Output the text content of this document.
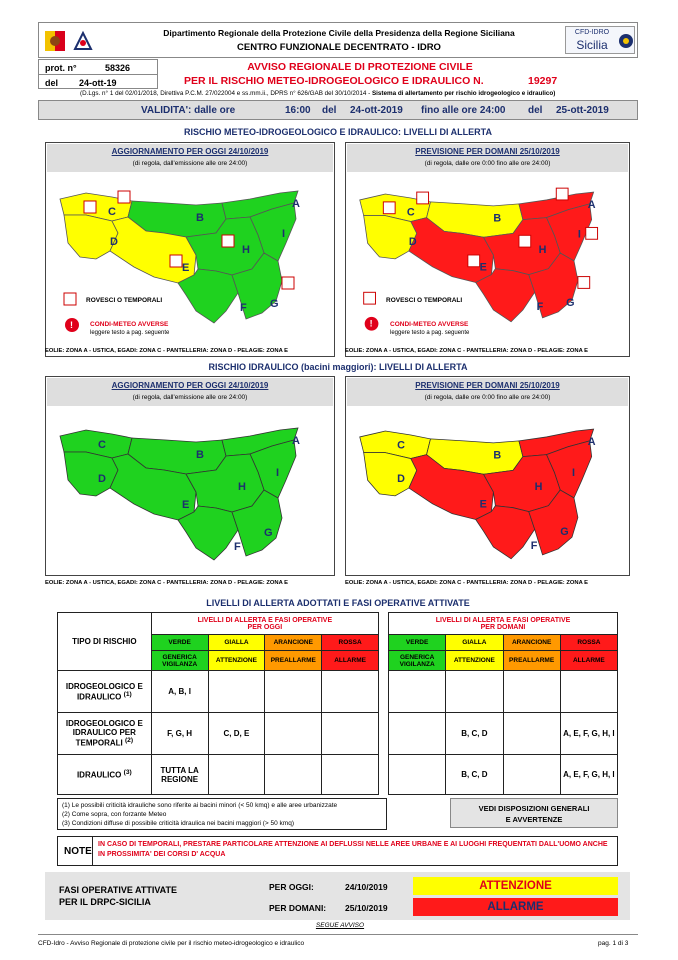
Dipartimento Regionale della Protezione Civile della Presidenza della Regione Siciliana
CENTRO FUNZIONALE DECENTRATO - IDRO
CFD-IDRO
Sicilia
prot. n°	58326
del 24-ott-19
AVVISO REGIONALE DI PROTEZIONE CIVILE
PER IL RISCHIO METEO-IDROGEOLOGICO E IDRAULICO N.	19297
(D.Lgs. n° 1 del 02/01/2018, Direttiva P.C.M. 27/022004 e ss.mm.ii., DPRS n° 626/GAB del 30/10/2014 - Sistema di allertamento per rischio idrogeologico e idraulico)
VALIDITA': dalle ore	16:00 del 24-ott-2019 fino alle ore 24:00 del 25-ott-2019
RISCHIO METEO-IDROGEOLOGICO E IDRAULICO: LIVELLI DI ALLERTA
AGGIORNAMENTO PER OGGI 24/10/2019
(di regola, dall'emissione alle ore 24:00)
A
B
C
D
E
F G
H
I
!
ROVESCI O TEMPORALI
CONDI-METEO AVVERSE
leggere testo a pag. seguente
EOLIE: ZONA A - USTICA, EGADI: ZONA C - PANTELLERIA: ZONA D - PELAGIE: ZONA E
PREVISIONE PER DOMANI 25/10/2019
(di regola, dalle ore 0:00 fino alle ore 24:00)
A
B
C
D
E
F G
H
I
!
ROVESCI O TEMPORALI
CONDI-METEO AVVERSE
leggere testo a pag. seguente
EOLIE: ZONA A - USTICA, EGADI: ZONA C - PANTELLERIA: ZONA D - PELAGIE: ZONA E
RISCHIO IDRAULICO (bacini maggiori): LIVELLI DI ALLERTA
AGGIORNAMENTO PER OGGI 24/10/2019
(di regola, dall'emissione alle ore 24:00)
A
B
C
D
E
F
G
H
I
EOLIE: ZONA A - USTICA, EGADI: ZONA C - PANTELLERIA: ZONA D - PELAGIE: ZONA E
PREVISIONE PER DOMANI 25/10/2019
(di regola, dalle ore 0:00 fino alle ore 24:00)
A
B
C
D
E
F
G
H
I
EOLIE: ZONA A - USTICA, EGADI: ZONA C - PANTELLERIA: ZONA D - PELAGIE: ZONA E
LIVELLI DI ALLERTA ADOTTATI E FASI OPERATIVE ATTIVATE
TIPO DI RISCHIO	LIVELLI DI ALLERTA E FASI OPERATIVE
PER OGGI			
	VERDE	GIALLA	ARANCIONE	ROSSA
	GENERICA VIGILANZA	ATTENZIONE	PREALLARME	ALLARME
IDROGEOLOGICO E IDRAULICO $^{(1)}$	A, B, I			
IDROGEOLOGICO E IDRAULICO PER TEMPORALI $^{(2)}$	F, G, H	C, D, E		
IDRAULICO $^{(3)}$	TUTTA LA REGIONE			
LIVELLI DI ALLERTA E FASI OPERATIVE
PER DOMANI			
VERDE	GIALLA	ARANCIONE	ROSSA
GENERICA VIGILANZA	ATTENZIONE	PREALLARME	ALLARME

	B, C, D		A, E, F, G, H, I
	B, C, D		A, E, F, G, H, I
(1) Le possibili criticità idrauliche sono riferite ai bacini minori (< 50 kmq) e alle aree urbanizzate
(2) Come sopra, con forzante Meteo
(3) Condizioni diffuse di possibile criticità idraulica nei bacini maggiori (> 50 kmq)
VEDI DISPOSIZIONI GENERALI
E AVVERTENZE
NOTE
IN CASO DI TEMPORALI, PRESTARE PARTICOLARE ATTENZIONE AI DEFLUSSI NELLE AREE URBANE E AI LUOGHI FREQUENTATI DALL'UOMO ANCHE IN PROSSIMITA' DEI CORSI D' ACQUA
FASI OPERATIVE ATTIVATE
PER IL DRPC-SICILIA
PER OGGI:	24/10/2019	ATTENZIONE
PER DOMANI: 25/10/2019	ALLARME
SEGUE AVVISO
CFD-Idro - Avviso Regionale di protezione civile per il rischio meteo-idrogeologico e idraulico	pag. 1 di 3
